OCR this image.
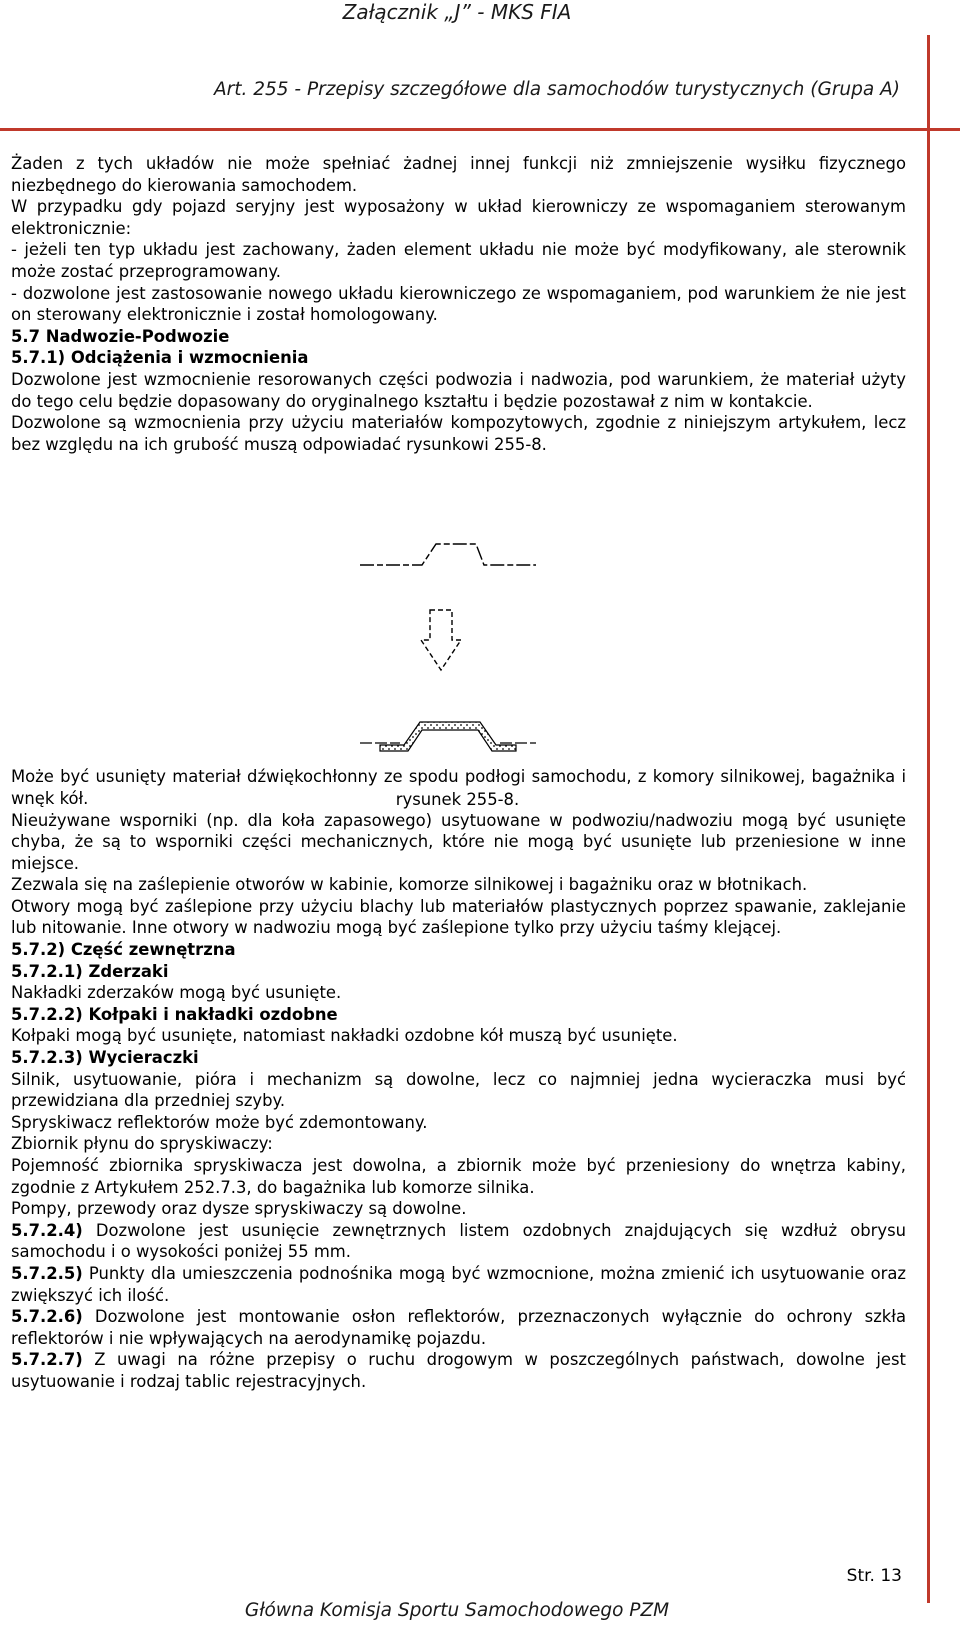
Załącznik „J” - MKS FIA
Art. 255 - Przepisy szczegółowe dla samochodów turystycznych (Grupa A)

Żaden z tych układów nie może spełniać żadnej innej funkcji niż zmniejszenie wysiłku fizycznego niezbędnego do kierowania samochodem.

W przypadku gdy pojazd seryjny jest wyposażony w układ kierowniczy ze wspomaganiem sterowanym elektronicznie:

- jeżeli ten typ układu jest zachowany, żaden element układu nie może być modyfikowany, ale sterownik może zostać przeprogramowany.

- dozwolone jest zastosowanie nowego układu kierowniczego ze wspomaganiem, pod warunkiem że nie jest on sterowany elektronicznie i został homologowany.

5.7 Nadwozie-Podwozie

5.7.1) Odciążenia i wzmocnienia

Dozwolone jest wzmocnienie resorowanych części podwozia i nadwozia, pod warunkiem, że materiał użyty do tego celu będzie dopasowany do oryginalnego kształtu i będzie pozostawał z nim w kontakcie.

Dozwolone są wzmocnienia przy użyciu materiałów kompozytowych, zgodnie z niniejszym artykułem, lecz bez względu na ich grubość muszą odpowiadać rysunkowi 255-8.

Może być usunięty materiał dźwiękochłonny ze spodu podłogi samochodu, z komory silnikowej, bagażnika i wnęk kół.

Nieużywane wsporniki (np. dla koła zapasowego) usytuowane w podwoziu/nadwoziu mogą być usunięte chyba, że są to wsporniki części mechanicznych, które nie mogą być usunięte lub przeniesione w inne miejsce.

Zezwala się na zaślepienie otworów w kabinie, komorze silnikowej i bagażniku oraz w błotnikach.

Otwory mogą być zaślepione przy użyciu blachy lub materiałów plastycznych poprzez spawanie, zaklejanie lub nitowanie. Inne otwory w nadwoziu mogą być zaślepione tylko przy użyciu taśmy klejącej.

5.7.2) Część zewnętrzna

5.7.2.1) Zderzaki

Nakładki zderzaków mogą być usunięte.

5.7.2.2) Kołpaki i nakładki ozdobne

Kołpaki mogą być usunięte, natomiast nakładki ozdobne kół muszą być usunięte.

5.7.2.3) Wycieraczki

Silnik, usytuowanie, pióra i mechanizm są dowolne, lecz co najmniej jedna wycieraczka musi być przewidziana dla przedniej szyby.

Spryskiwacz reflektorów może być zdemontowany.

Zbiornik płynu do spryskiwaczy:

Pojemność zbiornika spryskiwacza jest dowolna, a zbiornik może być przeniesiony do wnętrza kabiny, zgodnie z Artykułem 252.7.3, do bagażnika lub komorze silnika.

Pompy, przewody oraz dysze spryskiwaczy są dowolne.

5.7.2.4) Dozwolone jest usunięcie zewnętrznych listem ozdobnych znajdujących się wzdłuż obrysu samochodu i o wysokości poniżej 55 mm.

5.7.2.5) Punkty dla umieszczenia podnośnika mogą być wzmocnione, można zmienić ich usytuowanie oraz zwiększyć ich ilość.

5.7.2.6) Dozwolone jest montowanie osłon reflektorów, przeznaczonych wyłącznie do ochrony szkła reflektorów i nie wpływających na aerodynamikę pojazdu.

5.7.2.7) Z uwagi na różne przepisy o ruchu drogowym w poszczególnych państwach, dowolne jest usytuowanie i rodzaj tablic rejestracyjnych.

rysunek 255-8.
Str. 13
Główna Komisja Sportu Samochodowego PZM
